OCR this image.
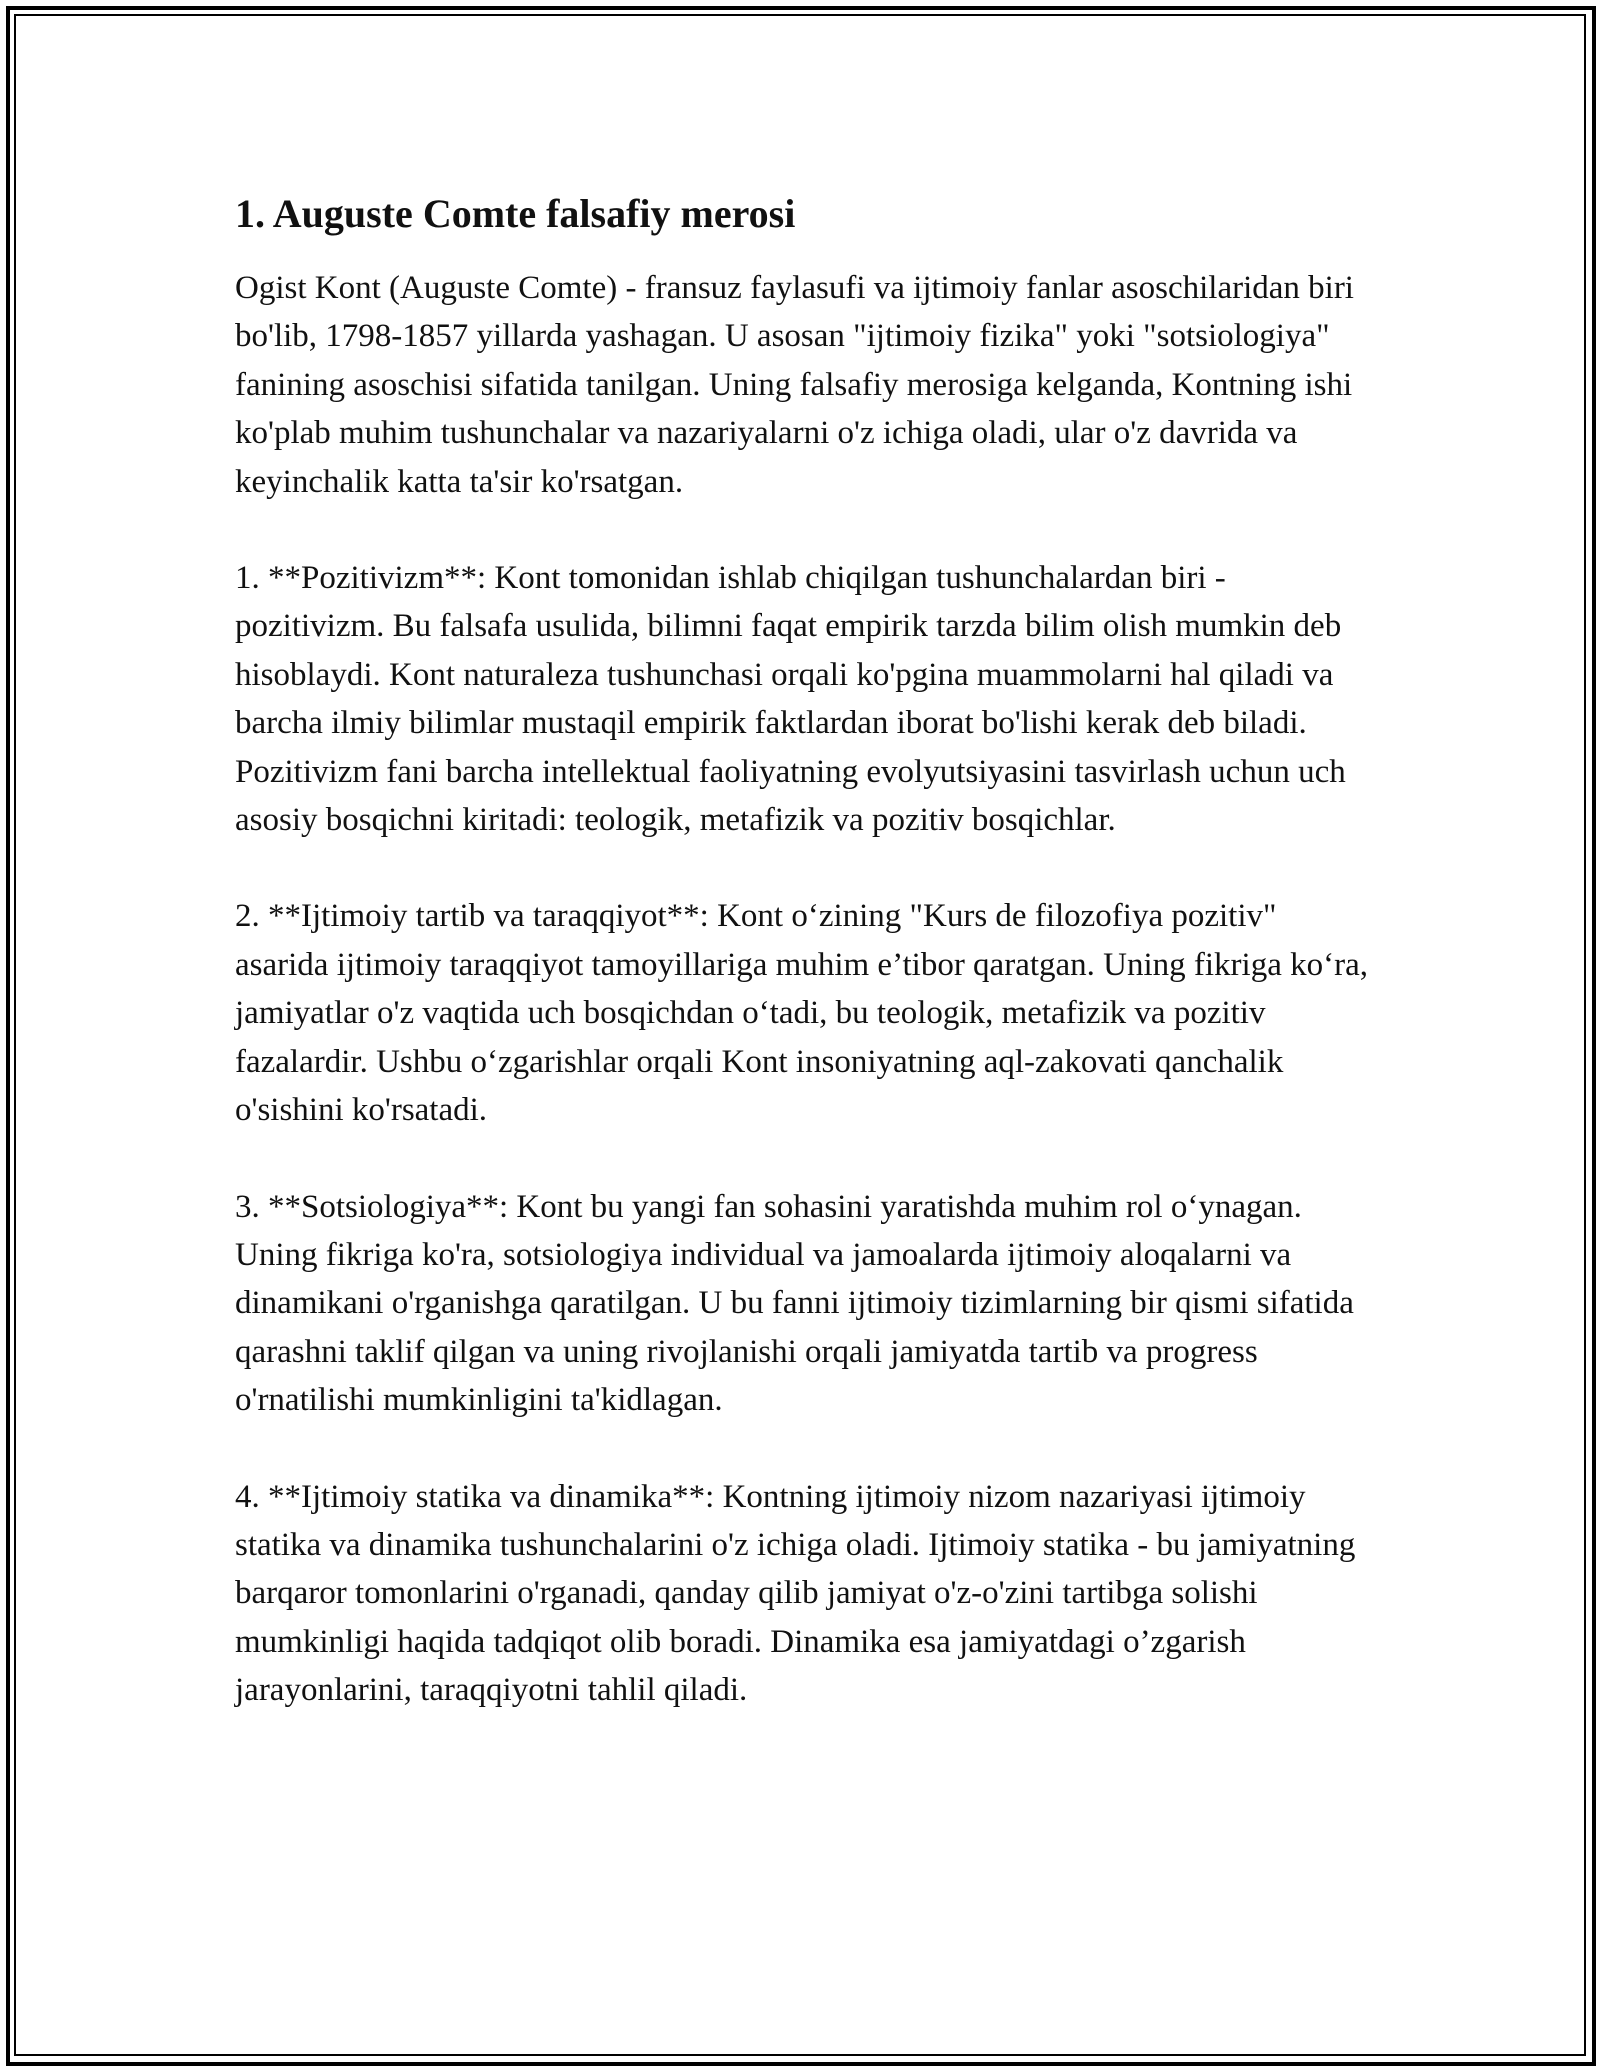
1. Auguste Comte falsafiy merosi

Ogist Kont (Auguste Comte) - fransuz faylasufi va ijtimoiy fanlar asoschilaridan biri bo'lib, 1798-1857 yillarda yashagan. U asosan "ijtimoiy fizika" yoki "sotsiologiya" fanining asoschisi sifatida tanilgan. Uning falsafiy merosiga kelganda, Kontning ishi ko'plab muhim tushunchalar va nazariyalarni o'z ichiga oladi, ular o'z davrida va keyinchalik katta ta'sir ko'rsatgan.

1. **Pozitivizm**: Kont tomonidan ishlab chiqilgan tushunchalardan biri - pozitivizm. Bu falsafa usulida, bilimni faqat empirik tarzda bilim olish mumkin deb hisoblaydi. Kont naturaleza tushunchasi orqali ko'pgina muammolarni hal qiladi va barcha ilmiy bilimlar mustaqil empirik faktlardan iborat bo'lishi kerak deb biladi. Pozitivizm fani barcha intellektual faoliyatning evolyutsiyasini tasvirlash uchun uch asosiy bosqichni kiritadi: teologik, metafizik va pozitiv bosqichlar.

2. **Ijtimoiy tartib va taraqqiyot**: Kont o‘zining "Kurs de filozofiya pozitiv" asarida ijtimoiy taraqqiyot tamoyillariga muhim e’tibor qaratgan. Uning fikriga ko‘ra, jamiyatlar o'z vaqtida uch bosqichdan o‘tadi, bu teologik, metafizik va pozitiv fazalardir. Ushbu o‘zgarishlar orqali Kont insoniyatning aql-zakovati qanchalik o'sishini ko'rsatadi.

3. **Sotsiologiya**: Kont bu yangi fan sohasini yaratishda muhim rol o‘ynagan. Uning fikriga ko'ra, sotsiologiya individual va jamoalarda ijtimoiy aloqalarni va dinamikani o'rganishga qaratilgan. U bu fanni ijtimoiy tizimlarning bir qismi sifatida qarashni taklif qilgan va uning rivojlanishi orqali jamiyatda tartib va progress o'rnatilishi mumkinligini ta'kidlagan.

4. **Ijtimoiy statika va dinamika**: Kontning ijtimoiy nizom nazariyasi ijtimoiy statika va dinamika tushunchalarini o'z ichiga oladi. Ijtimoiy statika - bu jamiyatning barqaror tomonlarini o'rganadi, qanday qilib jamiyat o'z-o'zini tartibga solishi mumkinligi haqida tadqiqot olib boradi. Dinamika esa jamiyatdagi o’zgarish jarayonlarini, taraqqiyotni tahlil qiladi.
